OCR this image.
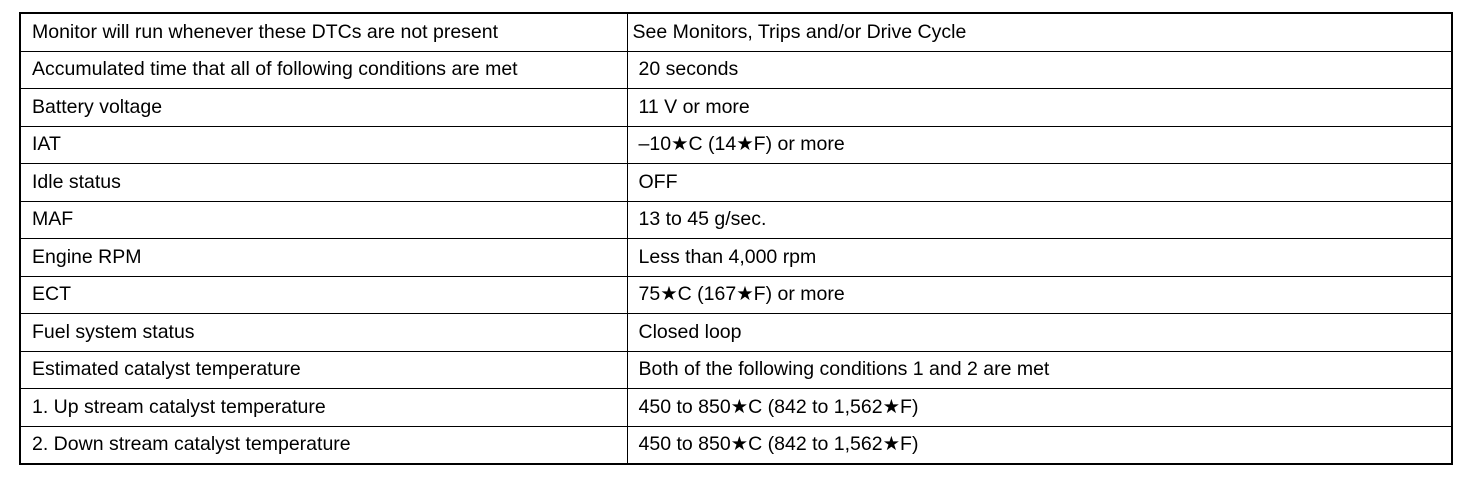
Monitor will run whenever these DTCs are not present	See Monitors, Trips and/or Drive Cycle
Accumulated time that all of following conditions are met	20 seconds
Battery voltage	11 V or more
IAT	–10★C (14★F) or more
Idle status	OFF
MAF	13 to 45 g/sec.
Engine RPM	Less than 4,000 rpm
ECT	75★C (167★F) or more
Fuel system status	Closed loop
Estimated catalyst temperature	Both of the following conditions 1 and 2 are met
1. Up stream catalyst temperature	450 to 850★C (842 to 1,562★F)
2. Down stream catalyst temperature	450 to 850★C (842 to 1,562★F)
